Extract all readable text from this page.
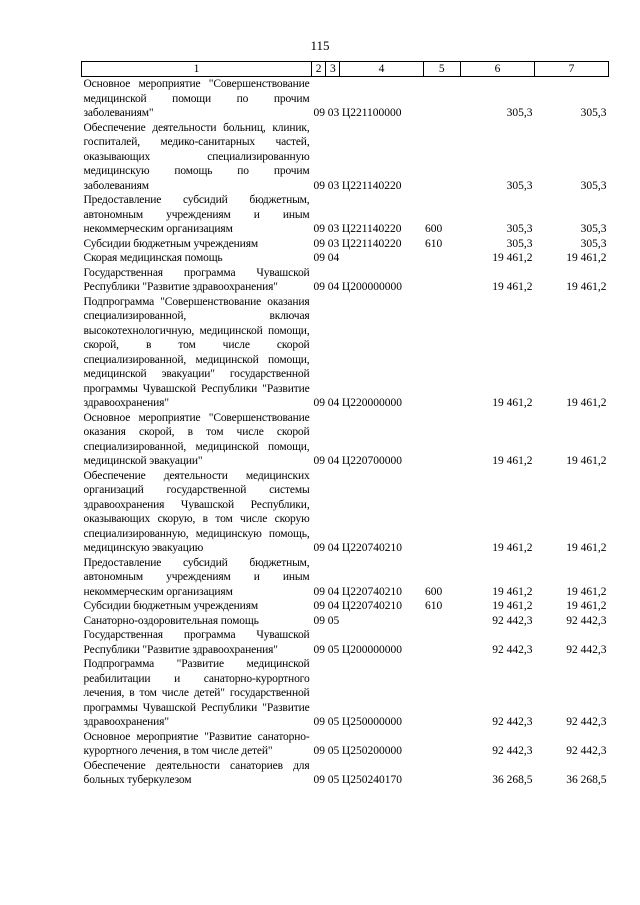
115
1	2	3	4	5	6	7
Основное мероприятие "Совершенствование медицинской помощи по прочим заболеваниям"	09	03	Ц221100000		305,3	305,3
Обеспечение деятельности больниц, клиник, госпиталей, медико-санитарных частей, оказывающих специализированную медицинскую помощь по прочим заболеваниям	09	03	Ц221140220		305,3	305,3
Предоставление субсидий бюджетным, автономным учреждениям и иным некоммерческим организациям	09	03	Ц221140220	600	305,3	305,3
Субсидии бюджетным учреждениям	09	03	Ц221140220	610	305,3	305,3
Скорая медицинская помощь	09	04			19 461,2	19 461,2
Государственная программа Чувашской Республики "Развитие здравоохранения"	09	04	Ц200000000		19 461,2	19 461,2
Подпрограмма "Совершенствование оказания специализированной, включая высокотехнологичную, медицинской помощи, скорой, в том числе скорой специализированной, медицинской помощи, медицинской эвакуации" государственной программы Чувашской Республики "Развитие здравоохранения"	09	04	Ц220000000		19 461,2	19 461,2
Основное мероприятие "Совершенствование оказания скорой, в том числе скорой специализированной, медицинской помощи, медицинской эвакуации"	09	04	Ц220700000		19 461,2	19 461,2
Обеспечение деятельности медицинских организаций государственной системы здравоохранения Чувашской Республики, оказывающих скорую, в том числе скорую специализированную, медицинскую помощь, медицинскую эвакуацию	09	04	Ц220740210		19 461,2	19 461,2
Предоставление субсидий бюджетным, автономным учреждениям и иным некоммерческим организациям	09	04	Ц220740210	600	19 461,2	19 461,2
Субсидии бюджетным учреждениям	09	04	Ц220740210	610	19 461,2	19 461,2
Санаторно-оздоровительная помощь	09	05			92 442,3	92 442,3
Государственная программа Чувашской Республики "Развитие здравоохранения"	09	05	Ц200000000		92 442,3	92 442,3
Подпрограмма "Развитие медицинской реабилитации и санаторно-курортного лечения, в том числе детей" государственной программы Чувашской Республики "Развитие здравоохранения"	09	05	Ц250000000		92 442,3	92 442,3
Основное мероприятие "Развитие санаторно-курортного лечения, в том числе детей"	09	05	Ц250200000		92 442,3	92 442,3
Обеспечение деятельности санаториев для больных туберкулезом	09	05	Ц250240170		36 268,5	36 268,5
